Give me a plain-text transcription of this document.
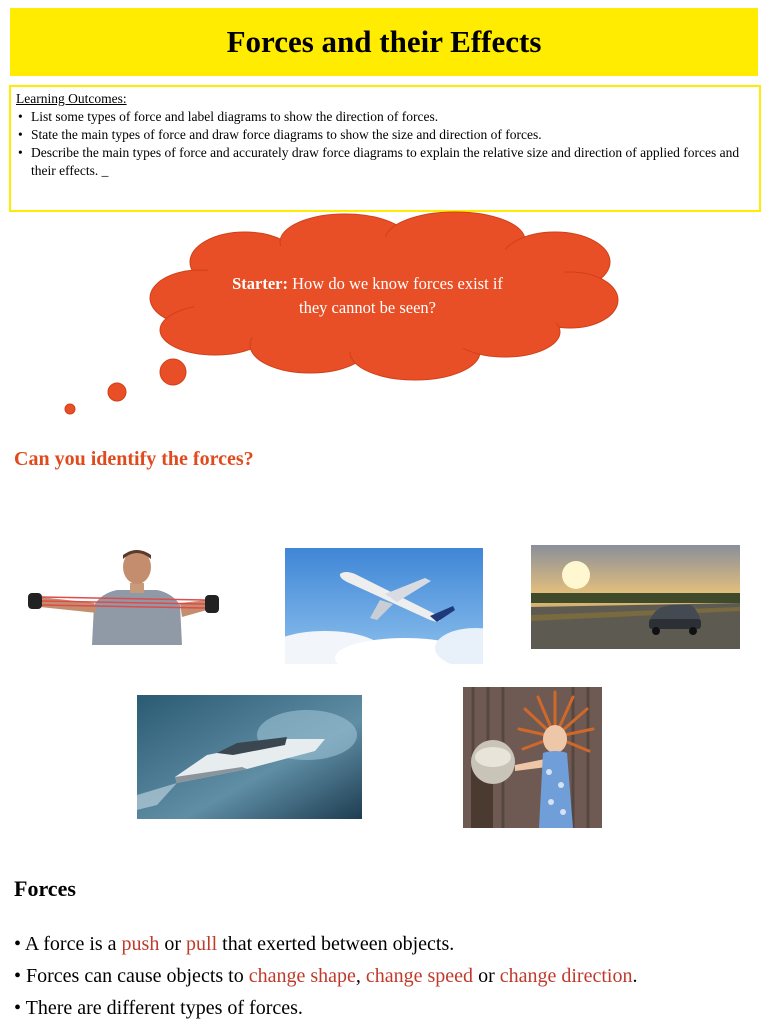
Forces and their Effects
Learning Outcomes:
• List some types of force and label diagrams to show the direction of forces.
• State the main types of force and draw force diagrams to show the size and direction of forces.
• Describe the main types of force and accurately draw force diagrams to explain the relative size and direction of applied forces and their effects. _
Starter: How do we know forces exist if they cannot be seen?
Can you identify the forces?
Forces
• A force is a push or pull that exerted between objects.
• Forces can cause objects to change shape, change speed or change direction.
• There are different types of forces.
